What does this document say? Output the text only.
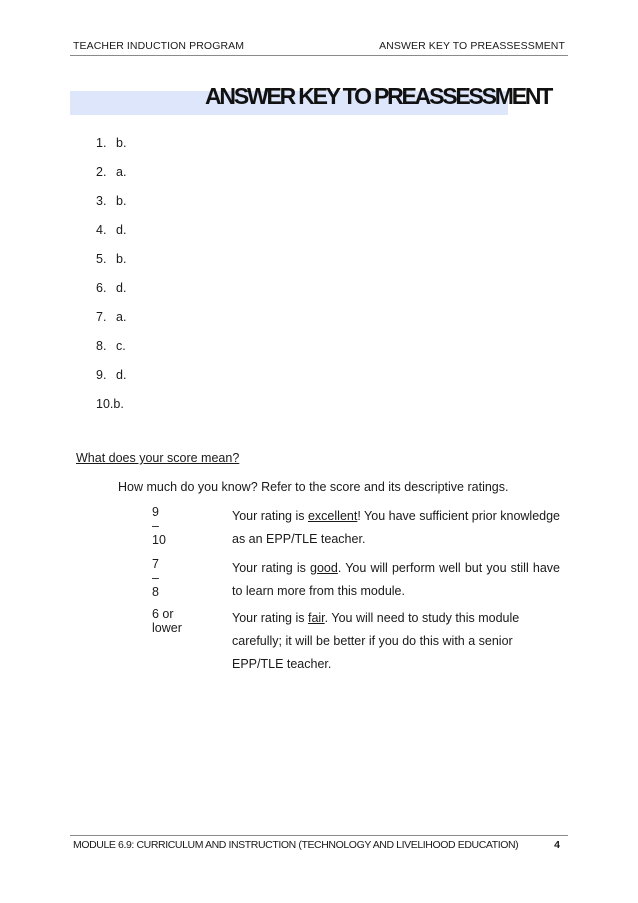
TEACHER INDUCTION PROGRAM	ANSWER KEY TO PREASSESSMENT
ANSWER KEY TO PREASSESSMENT
1. b.
2. a.
3. b.
4. d.
5. b.
6. d.
7. a.
8. c.
9. d.
10.b.
What does your score mean?
How much do you know? Refer to the score and its descriptive ratings.
9 – 10
Your rating is excellent! You have sufficient prior knowledge as an EPP/TLE teacher.
7 – 8
Your rating is good. You will perform well but you still have to learn more from this module.
6 or lower
Your rating is fair. You will need to study this module carefully; it will be better if you do this with a senior EPP/TLE teacher.
MODULE 6.9: CURRICULUM AND INSTRUCTION (TECHNOLOGY AND LIVELIHOOD EDUCATION)	4
